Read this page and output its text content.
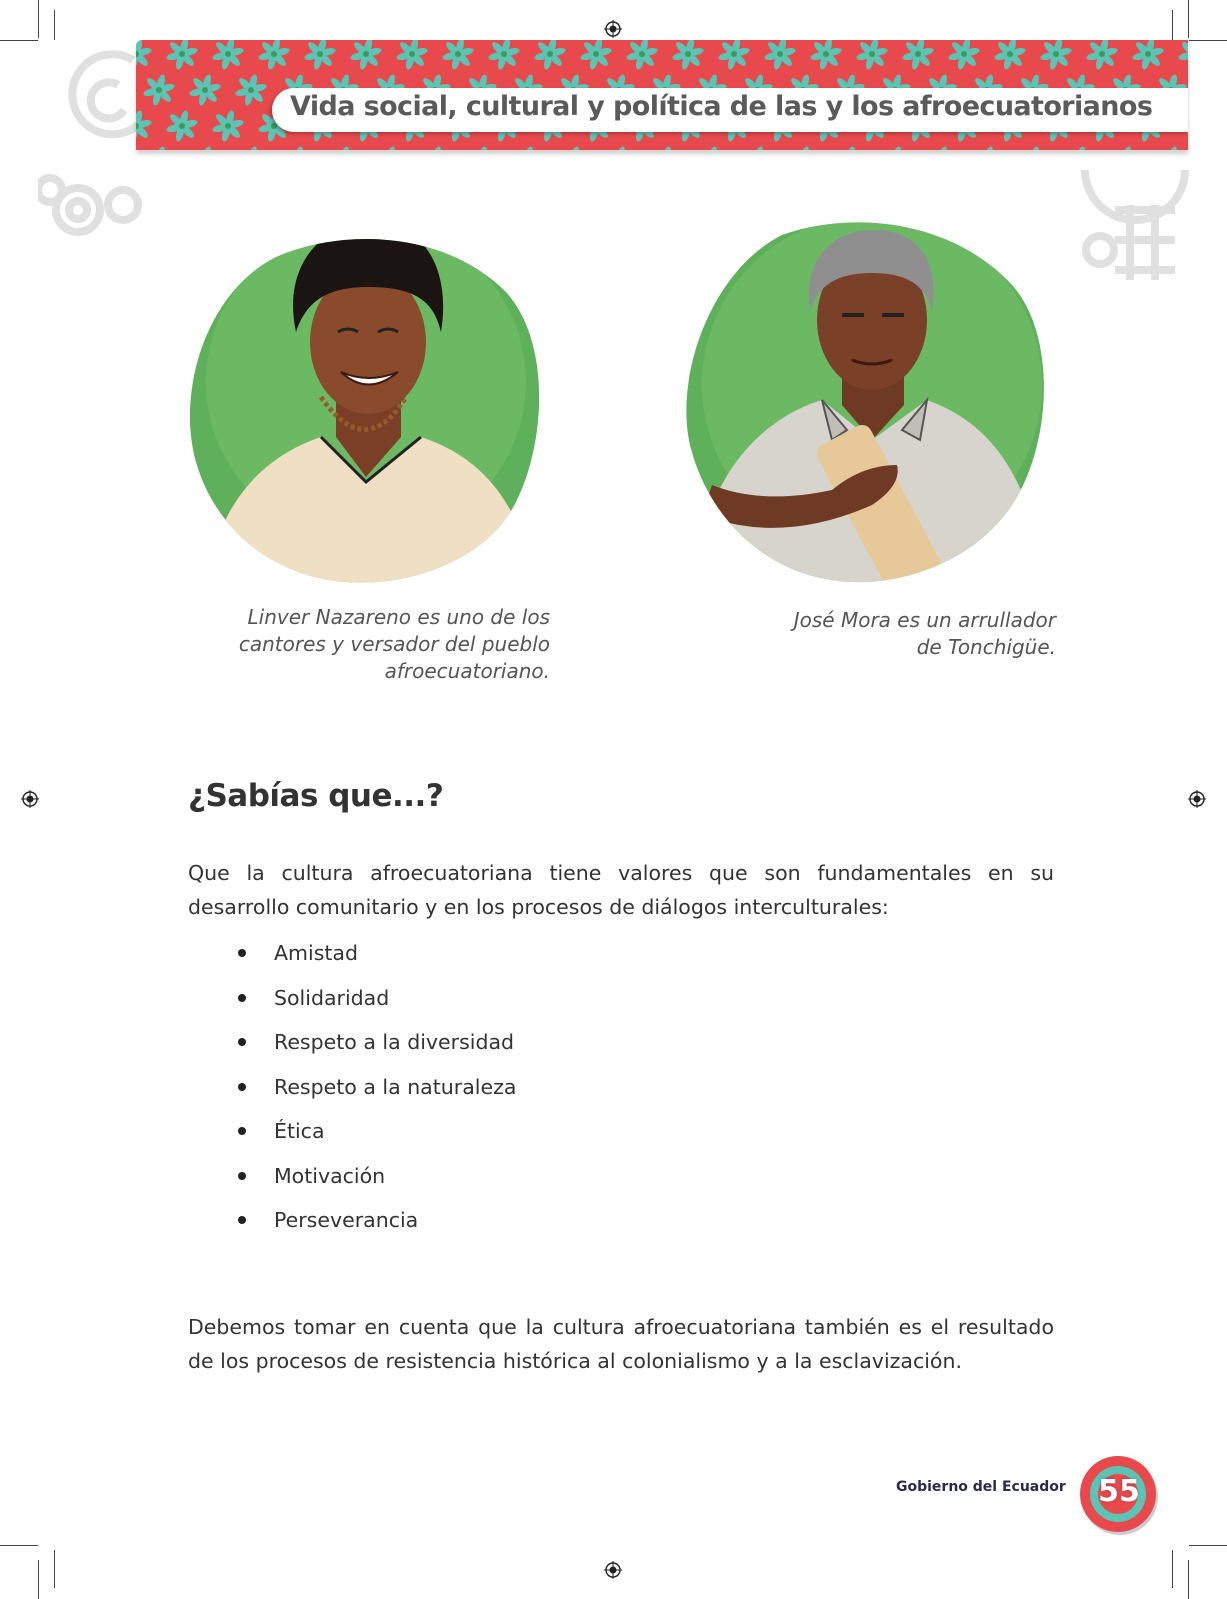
Vida social, cultural y política de las y los afroecuatorianos
Linver Nazareno es uno de los
cantores y versador del pueblo
afroecuatoriano.
José Mora es un arrullador
de Tonchigüe.
¿Sabías que...?
Que la cultura afroecuatoriana tiene valores que son fundamentales en su desarrollo comunitario y en los procesos de diálogos interculturales:
Amistad
Solidaridad
Respeto a la diversidad
Respeto a la naturaleza
Ética
Motivación
Perseverancia
Debemos tomar en cuenta que la cultura afroecuatoriana también es el resultado de los procesos de resistencia histórica al colonialismo y a la esclavización.
Gobierno del Ecuador	55
